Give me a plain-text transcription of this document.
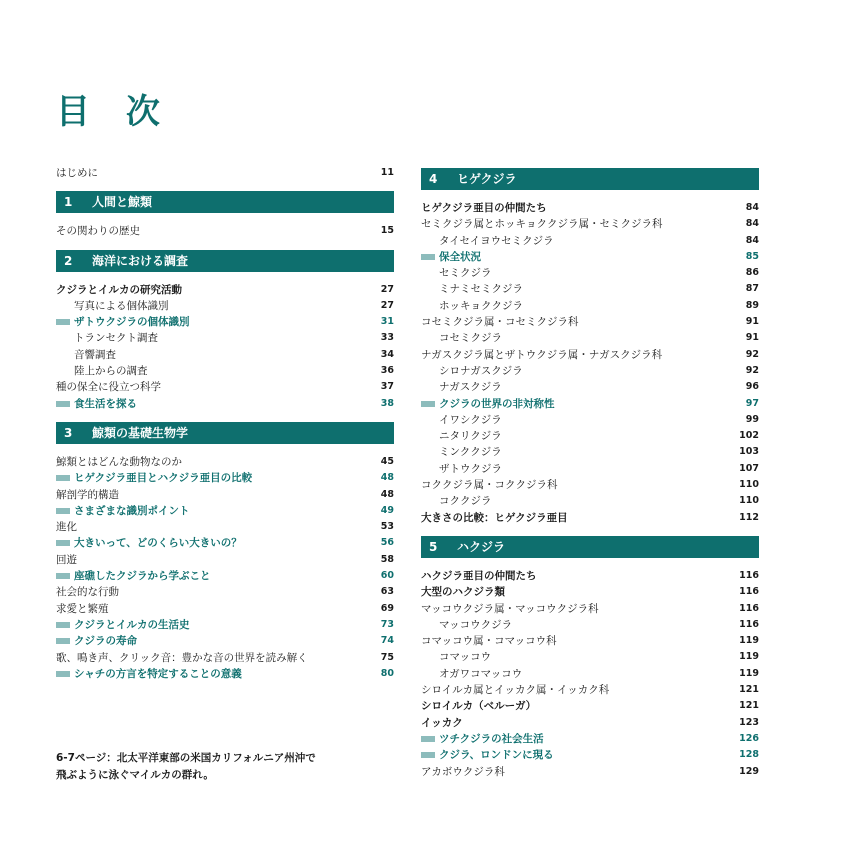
目 次
はじめに	11
1	人間と鯨類
その関わりの歴史	15
2	海洋における調査
クジラとイルカの研究活動	27
写真による個体識別	27
ザトウクジラの個体識別	31
トランセクト調査	33
音響調査	34
陸上からの調査	36
種の保全に役立つ科学	37
食生活を探る	38
3	鯨類の基礎生物学
鯨類とはどんな動物なのか	45
ヒゲクジラ亜目とハクジラ亜目の比較	48
解剖学的構造	48
さまざまな識別ポイント	49
進化	53
大きいって、どのくらい大きいの？	56
回遊	58
座礁したクジラから学ぶこと	60
社会的な行動	63
求愛と繁殖	69
クジラとイルカの生活史	73
クジラの寿命	74
歌、鳴き声、クリック音：豊かな音の世界を読み解く	75
シャチの方言を特定することの意義	80
6-7ページ：北太平洋東部の米国カリフォルニア州沖で
飛ぶように泳ぐマイルカの群れ。
4	ヒゲクジラ
ヒゲクジラ亜目の仲間たち	84
セミクジラ属とホッキョククジラ属・セミクジラ科	84
タイセイヨウセミクジラ	84
保全状況	85
セミクジラ	86
ミナミセミクジラ	87
ホッキョククジラ	89
コセミクジラ属・コセミクジラ科	91
コセミクジラ	91
ナガスクジラ属とザトウクジラ属・ナガスクジラ科	92
シロナガスクジラ	92
ナガスクジラ	96
クジラの世界の非対称性	97
イワシクジラ	99
ニタリクジラ	102
ミンククジラ	103
ザトウクジラ	107
コククジラ属・コククジラ科	110
コククジラ	110
大きさの比較：ヒゲクジラ亜目	112
5	ハクジラ
ハクジラ亜目の仲間たち	116
大型のハクジラ類	116
マッコウクジラ属・マッコウクジラ科	116
マッコウクジラ	116
コマッコウ属・コマッコウ科	119
コマッコウ	119
オガワコマッコウ	119
シロイルカ属とイッカク属・イッカク科	121
シロイルカ（ベルーガ）	121
イッカク	123
ツチクジラの社会生活	126
クジラ、ロンドンに現る	128
アカボウクジラ科	129
